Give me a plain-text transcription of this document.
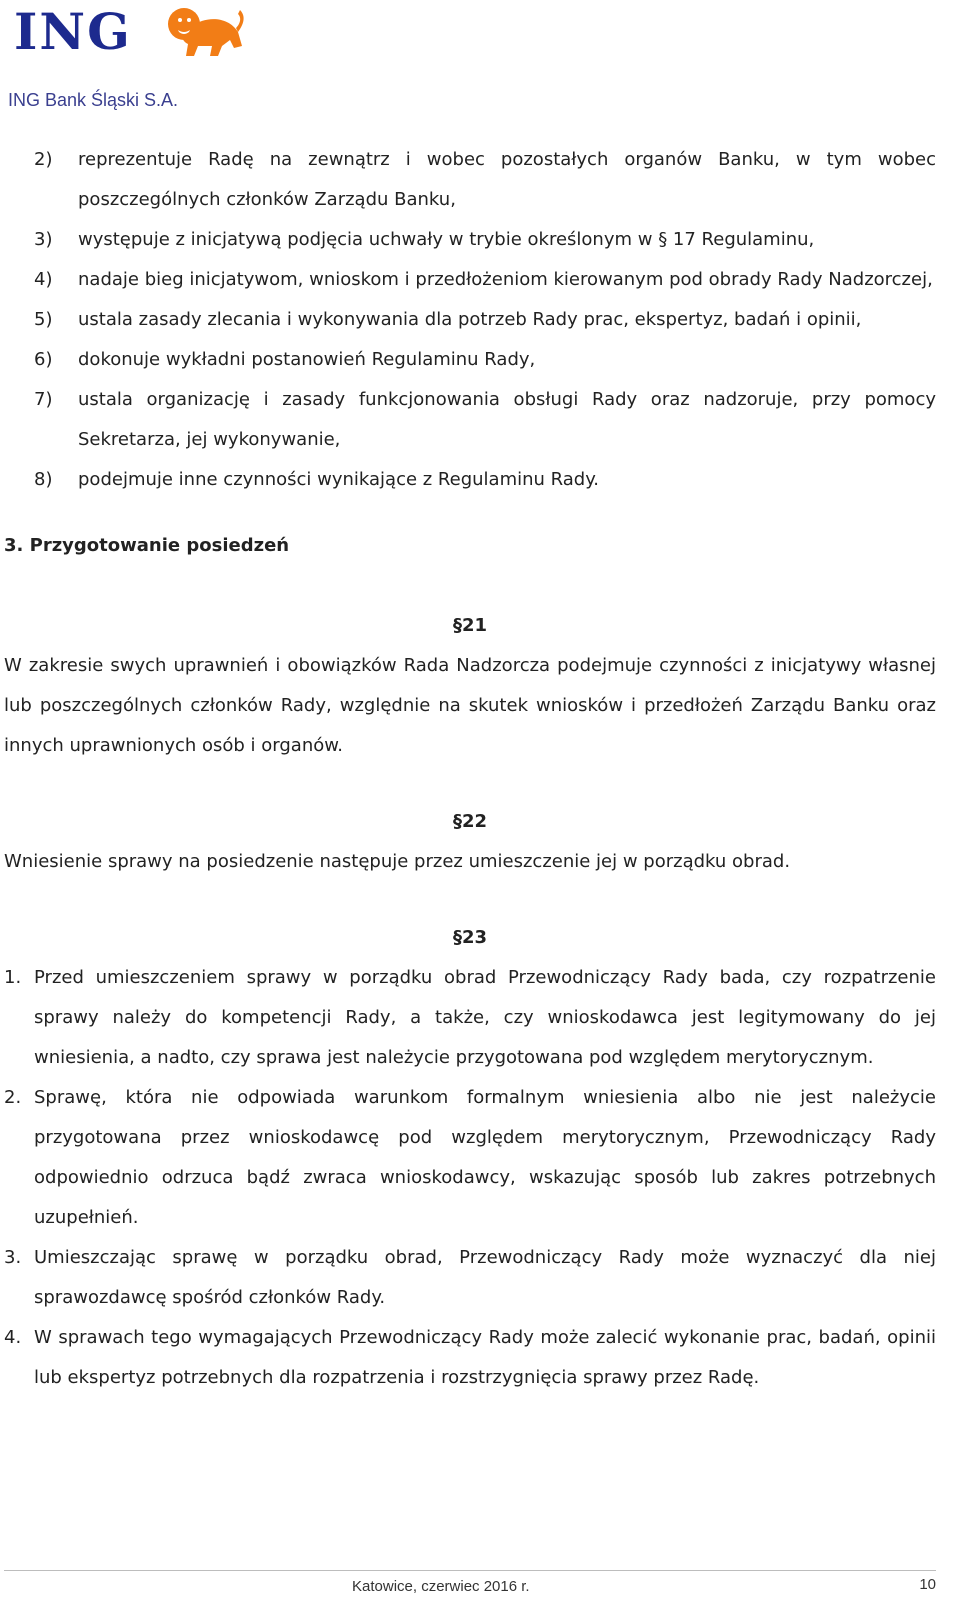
ING
ING Bank Śląski S.A.
2) reprezentuje Radę na zewnątrz i wobec pozostałych organów Banku, w tym wobec poszczególnych członków Zarządu Banku,
3) występuje z inicjatywą podjęcia uchwały w trybie określonym w § 17 Regulaminu,
4) nadaje bieg inicjatywom, wnioskom i przedłożeniom kierowanym pod obrady Rady Nadzorczej,
5) ustala zasady zlecania i wykonywania dla potrzeb Rady prac, ekspertyz, badań i opinii,
6) dokonuje wykładni postanowień Regulaminu Rady,
7) ustala organizację i zasady funkcjonowania obsługi Rady oraz nadzoruje, przy pomocy Sekretarza, jej wykonywanie,
8) podejmuje inne czynności wynikające z Regulaminu Rady.
3. Przygotowanie posiedzeń
§21
W zakresie swych uprawnień i obowiązków Rada Nadzorcza podejmuje czynności z inicjatywy własnej lub poszczególnych członków Rady, względnie na skutek wniosków i przedłożeń Zarządu Banku oraz innych uprawnionych osób i organów.
§22
Wniesienie sprawy na posiedzenie następuje przez umieszczenie jej w porządku obrad.
§23
1. Przed umieszczeniem sprawy w porządku obrad Przewodniczący Rady bada, czy rozpatrzenie sprawy należy do kompetencji Rady, a także, czy wnioskodawca jest legitymowany do jej wniesienia, a nadto, czy sprawa jest należycie przygotowana pod względem merytorycznym.
2. Sprawę, która nie odpowiada warunkom formalnym wniesienia albo nie jest należycie przygotowana przez wnioskodawcę pod względem merytorycznym, Przewodniczący Rady odpowiednio odrzuca bądź zwraca wnioskodawcy, wskazując sposób lub zakres potrzebnych uzupełnień.
3. Umieszczając sprawę w porządku obrad, Przewodniczący Rady może wyznaczyć dla niej sprawozdawcę spośród członków Rady.
4. W sprawach tego wymagających Przewodniczący Rady może zalecić wykonanie prac, badań, opinii lub ekspertyz potrzebnych dla rozpatrzenia i rozstrzygnięcia sprawy przez Radę.
Katowice, czerwiec 2016 r.	10
